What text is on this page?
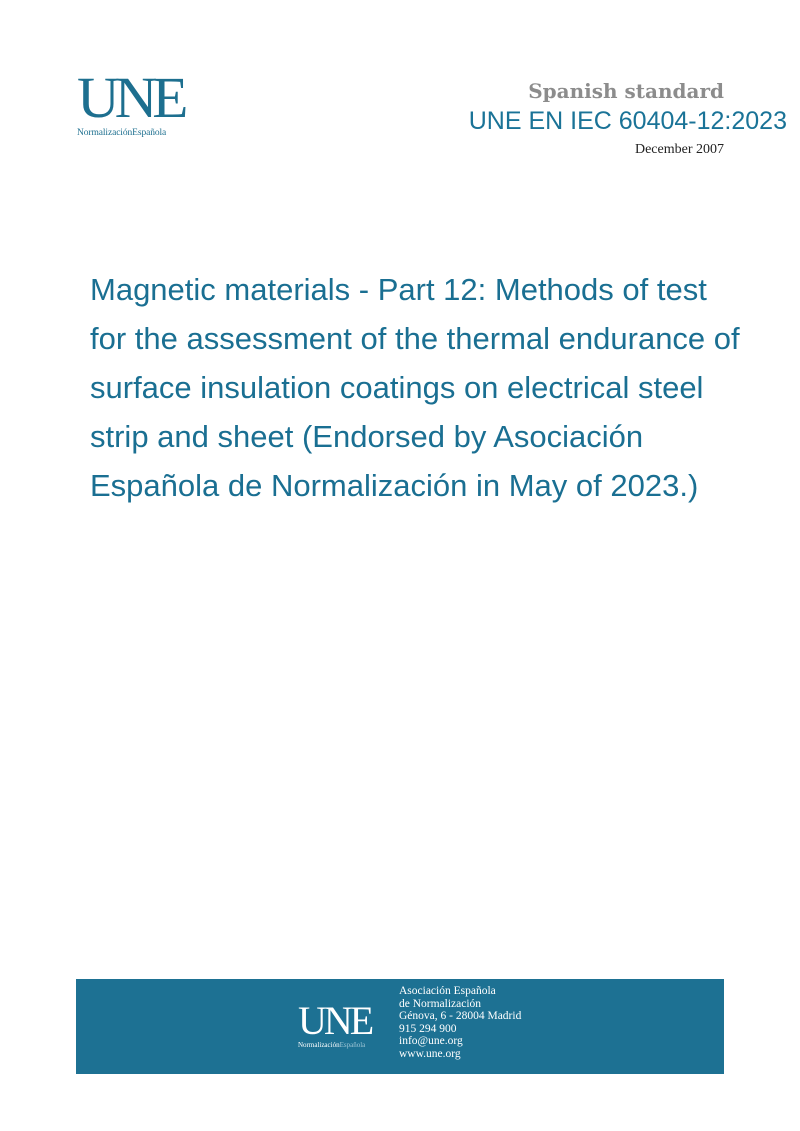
UNE
NormalizaciónEspañola
Spanish standard
UNE EN IEC 60404-12:2023
December 2007
Magnetic materials - Part 12: Methods of test for the assessment of the thermal endurance of surface insulation coatings on electrical steel strip and sheet (Endorsed by Asociación Española de Normalización in May of 2023.)
UNE
NormalizaciónEspañola
Asociación Española
de Normalización
Génova, 6 - 28004 Madrid
915 294 900
info@une.org
www.une.org
